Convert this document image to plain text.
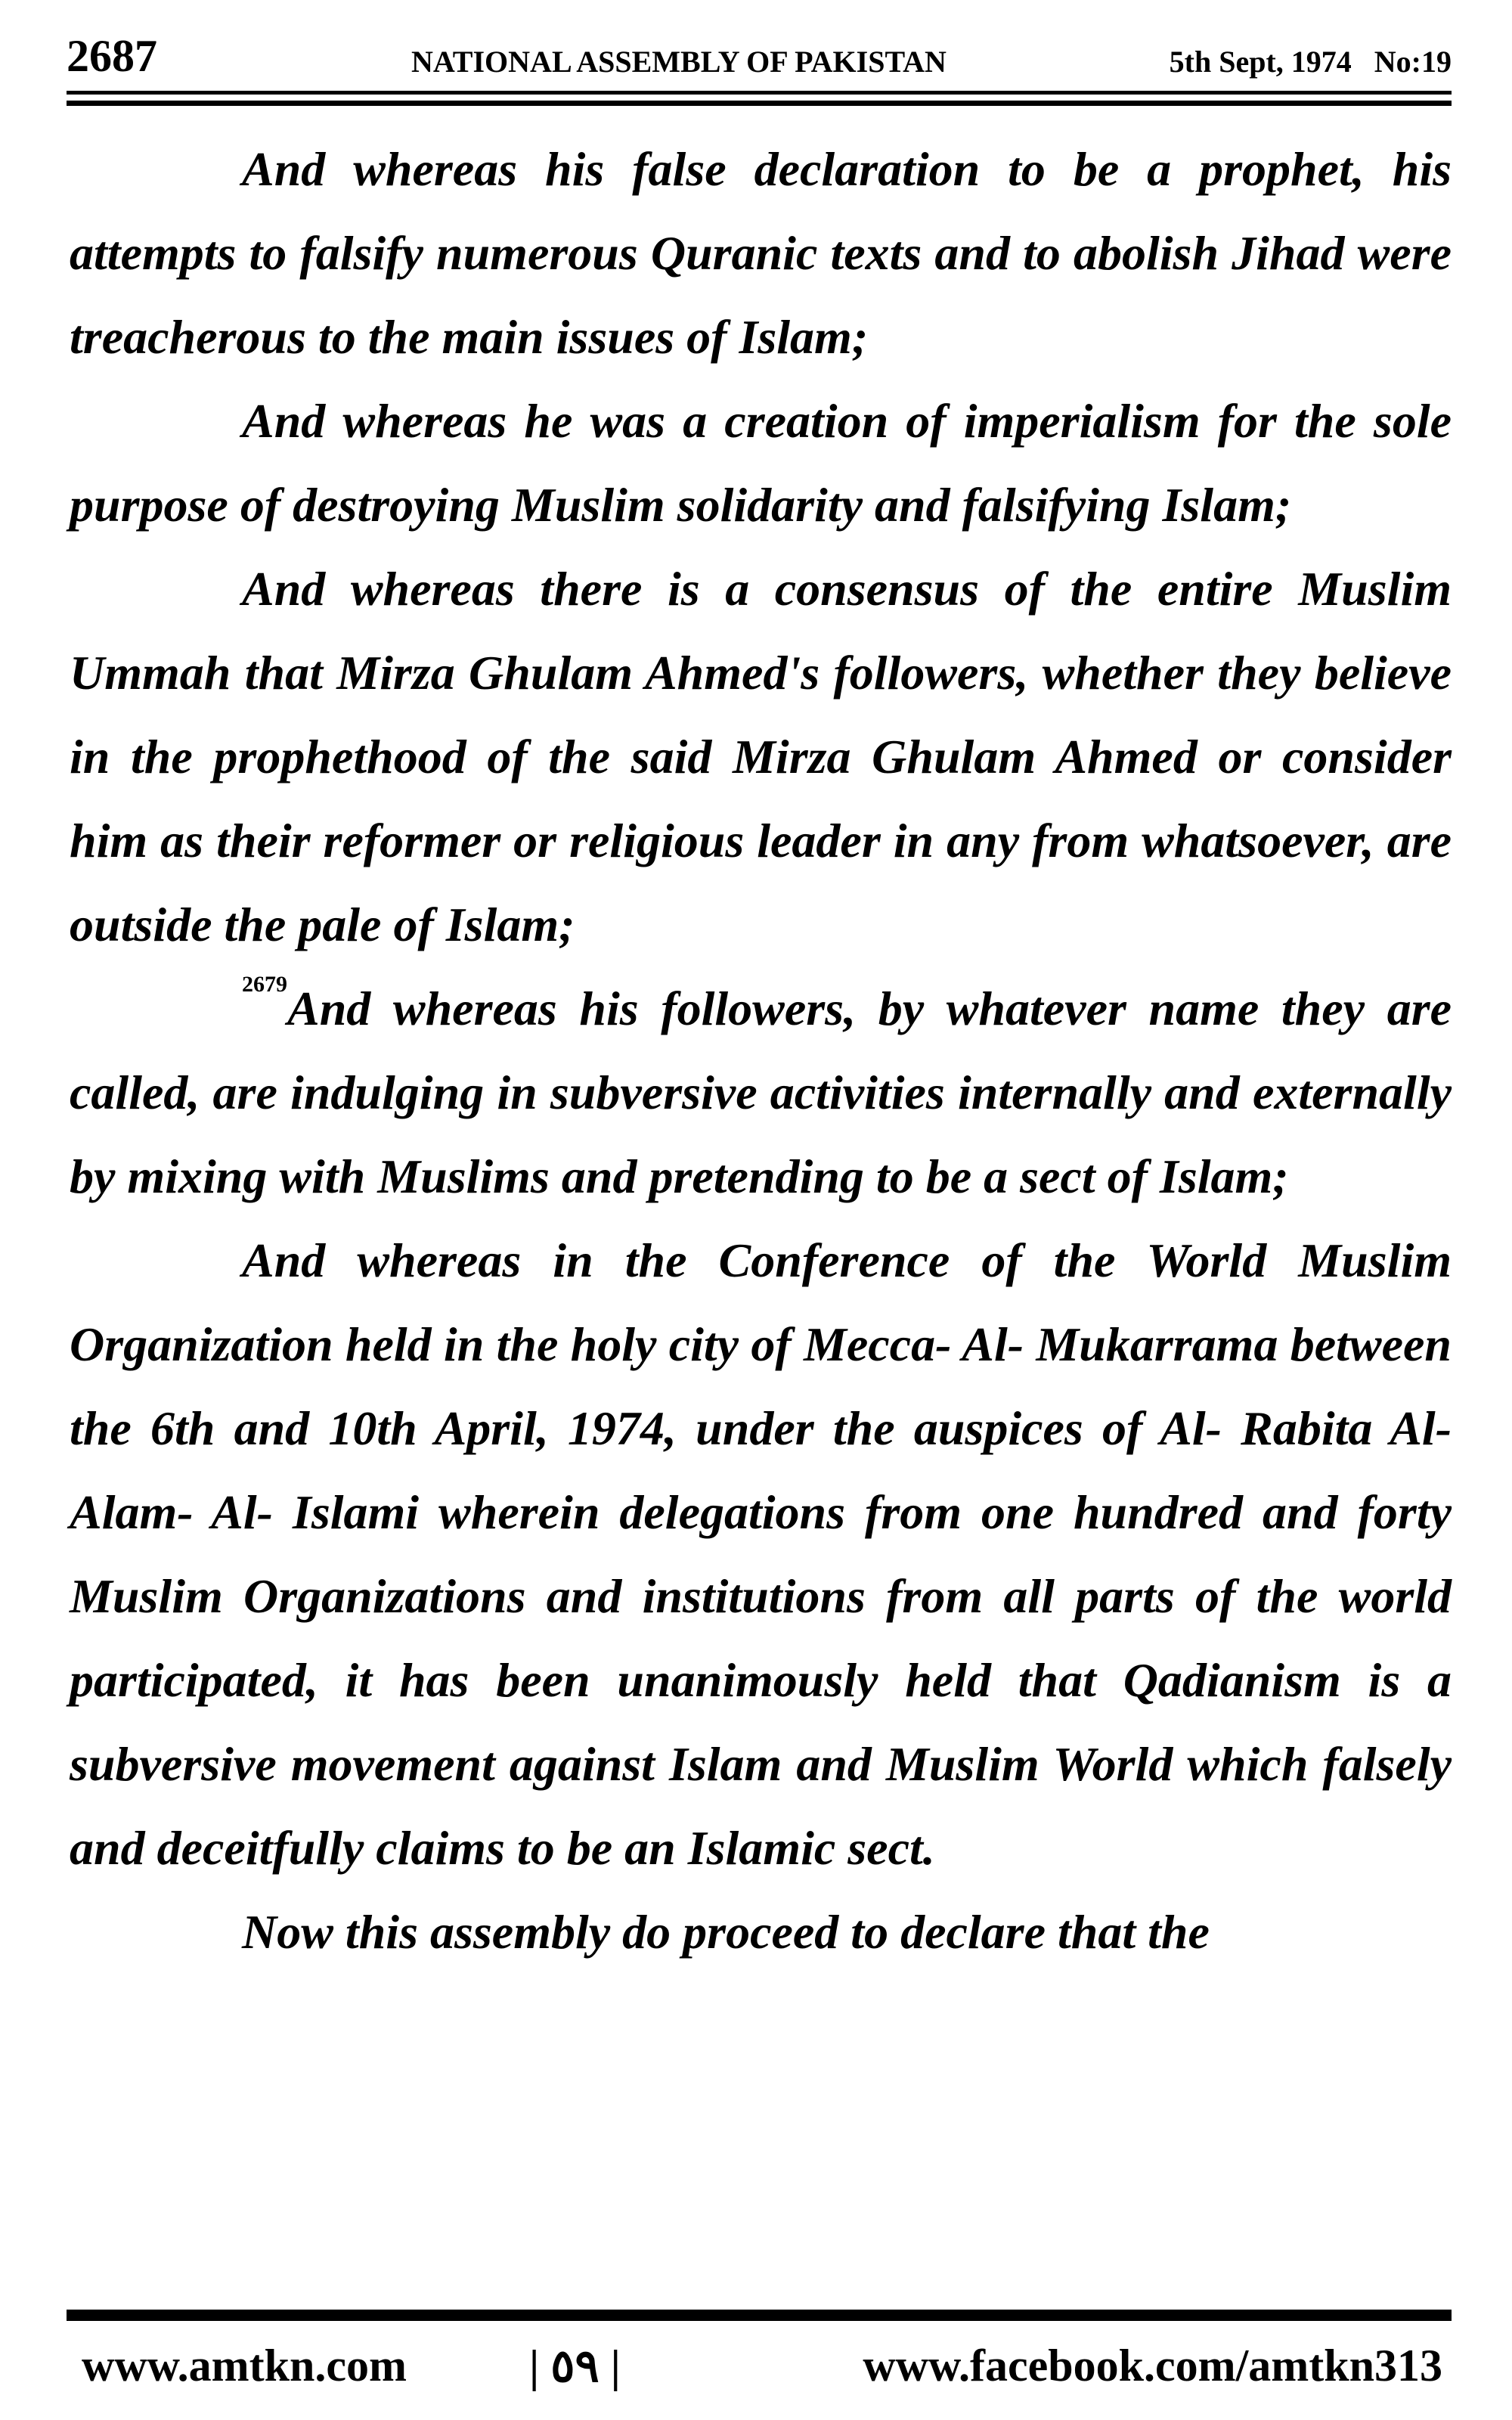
2687	NATIONAL ASSEMBLY OF PAKISTAN	5th Sept, 1974 No:19

And whereas his false declaration to be a prophet, his attempts to falsify numerous Quranic texts and to abolish Jihad were treacherous to the main issues of Islam;

And whereas he was a creation of imperialism for the sole purpose of destroying Muslim solidarity and falsifying Islam;

And whereas there is a consensus of the entire Muslim Ummah that Mirza Ghulam Ahmed's followers, whether they believe in the prophethood of the said Mirza Ghulam Ahmed or consider him as their reformer or religious leader in any from whatsoever, are outside the pale of Islam;

2679And whereas his followers, by whatever name they are called, are indulging in subversive activities internally and externally by mixing with Muslims and pretending to be a sect of Islam;

And whereas in the Conference of the World Muslim Organization held in the holy city of Mecca- Al- Mukarrama between the 6th and 10th April, 1974, under the auspices of Al- Rabita Al- Alam- Al- Islami wherein delegations from one hundred and forty Muslim Organizations and institutions from all parts of the world participated, it has been unanimously held that Qadianism is a subversive movement against Islam and Muslim World which falsely and deceitfully claims to be an Islamic sect.

Now this assembly do proceed to declare that the

www.amtkn.com	| ٥٩ |	www.facebook.com/amtkn313
